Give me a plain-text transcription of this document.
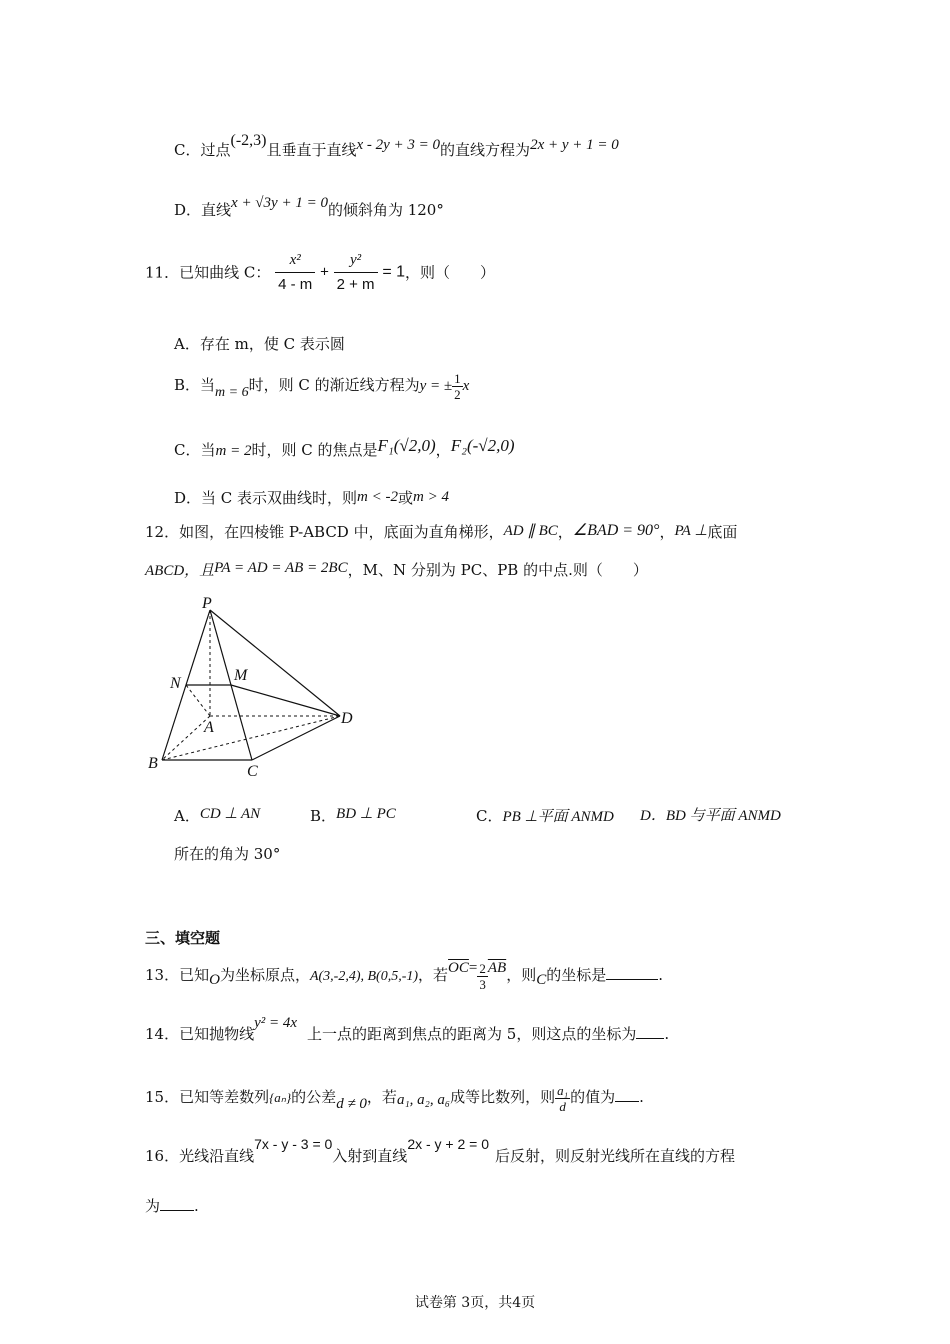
C．过点(-2,3)且垂直于直线x - 2y + 3 = 0的直线方程为2x + y + 1 = 0
D．直线x + √3y + 1 = 0的倾斜角为 120°
11．已知曲线 C： $\frac{\text{x²}}{4 - m} + \frac{\text{y²}}{2 + m} = 1$，则（　　）
A．存在 m，使 C 表示圆
B．当m = 6时，则 C 的渐近线方程为y = ± $\frac{1}{2}$ x
C．当m = 2时，则 C 的焦点是F₁(√2,0)，F₂(-√2,0)
D．当 C 表示双曲线时，则m < -2或m > 4
12．如图，在四棱锥 P-ABCD 中，底面为直角梯形，AD ∥ BC，∠BAD = 90°，PA ⊥底面
ABCD，且PA = AD = AB = 2BC，M、N 分别为 PC、PB 的中点.则（　　）
P
N	M
A
D
B	C
A．CD ⊥ AN	B．BD ⊥ PC	C．PB ⊥平面 ANMD D．BD 与平面 ANMD
所在的角为 30°
三、填空题
13．已知O为坐标原点，A(3,-2,4), B(0,5,-1)，若$\overline{OC}= \frac{2}{3} \overline{AB}$，则C的坐标是	.
14．已知抛物线y² = 4x上一点的距离到焦点的距离为 5，则这点的坐标为 .
15．已知等差数列{aₙ}的公差d ≠ 0，若a₁, a₂, a₆成等比数列，则 $\frac{\text{a₁}}{d}$ 的值为 .
16．光线沿直线7x - y - 3 = 0入射到直线2x - y + 2 = 0后反射，则反射光线所在直线的方程
为 .
试卷第 3页，共4页
